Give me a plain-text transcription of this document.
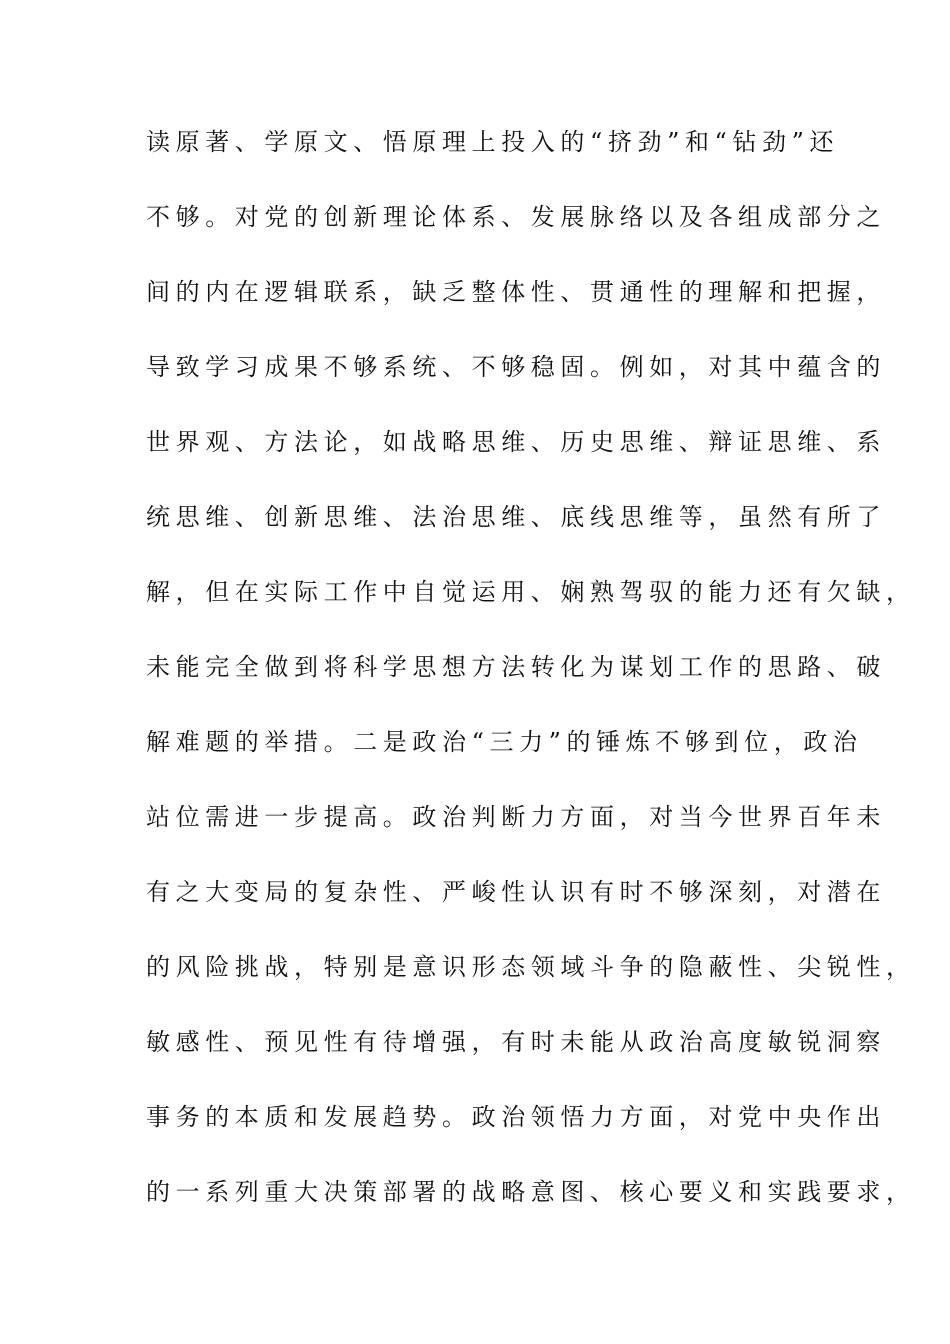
读原著、学原文、悟原理上投入的“挤劲”和“钻劲”还
不够。对党的创新理论体系、发展脉络以及各组成部分之
间的内在逻辑联系，缺乏整体性、贯通性的理解和把握，
导致学习成果不够系统、不够稳固。例如，对其中蕴含的
世界观、方法论，如战略思维、历史思维、辩证思维、系
统思维、创新思维、法治思维、底线思维等，虽然有所了
解，但在实际工作中自觉运用、娴熟驾驭的能力还有欠缺，
未能完全做到将科学思想方法转化为谋划工作的思路、破
解难题的举措。二是政治“三力”的锤炼不够到位，政治
站位需进一步提高。政治判断力方面，对当今世界百年未
有之大变局的复杂性、严峻性认识有时不够深刻，对潜在
的风险挑战，特别是意识形态领域斗争的隐蔽性、尖锐性，
敏感性、预见性有待增强，有时未能从政治高度敏锐洞察
事务的本质和发展趋势。政治领悟力方面，对党中央作出
的一系列重大决策部署的战略意图、核心要义和实践要求，
